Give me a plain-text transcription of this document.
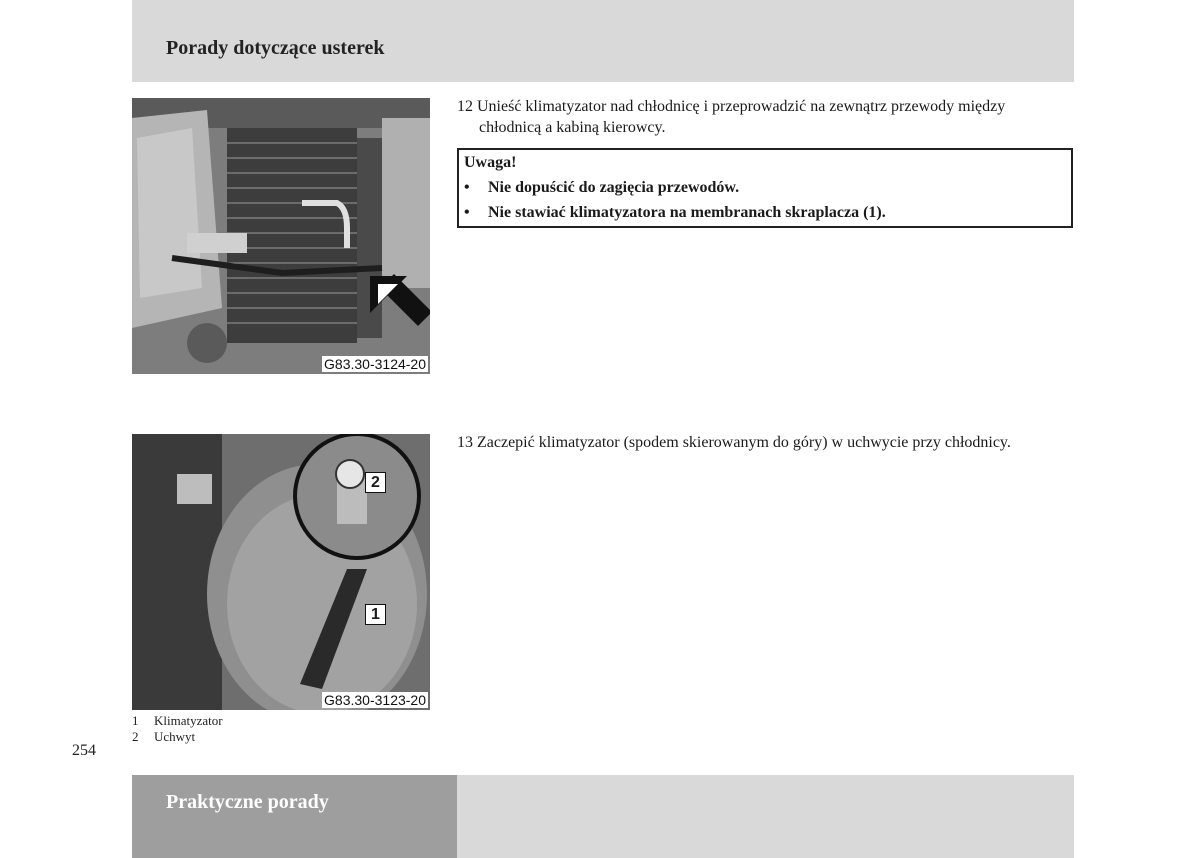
Porady dotyczące usterek
G83.30-3124-20
2
1
G83.30-3123-20
12 Unieść klimatyzator nad chłodnicę i przeprowadzić na zewnątrz przewody między
chłodnicą a kabiną kierowcy.
Uwaga!
• Nie dopuścić do zagięcia przewodów.
• Nie stawiać klimatyzatora na membranach skraplacza (1).
13 Zaczepić klimatyzator (spodem skierowanym do góry) w uchwycie przy chłodnicy.
1 Klimatyzator
2 Uchwyt
254
Praktyczne porady
